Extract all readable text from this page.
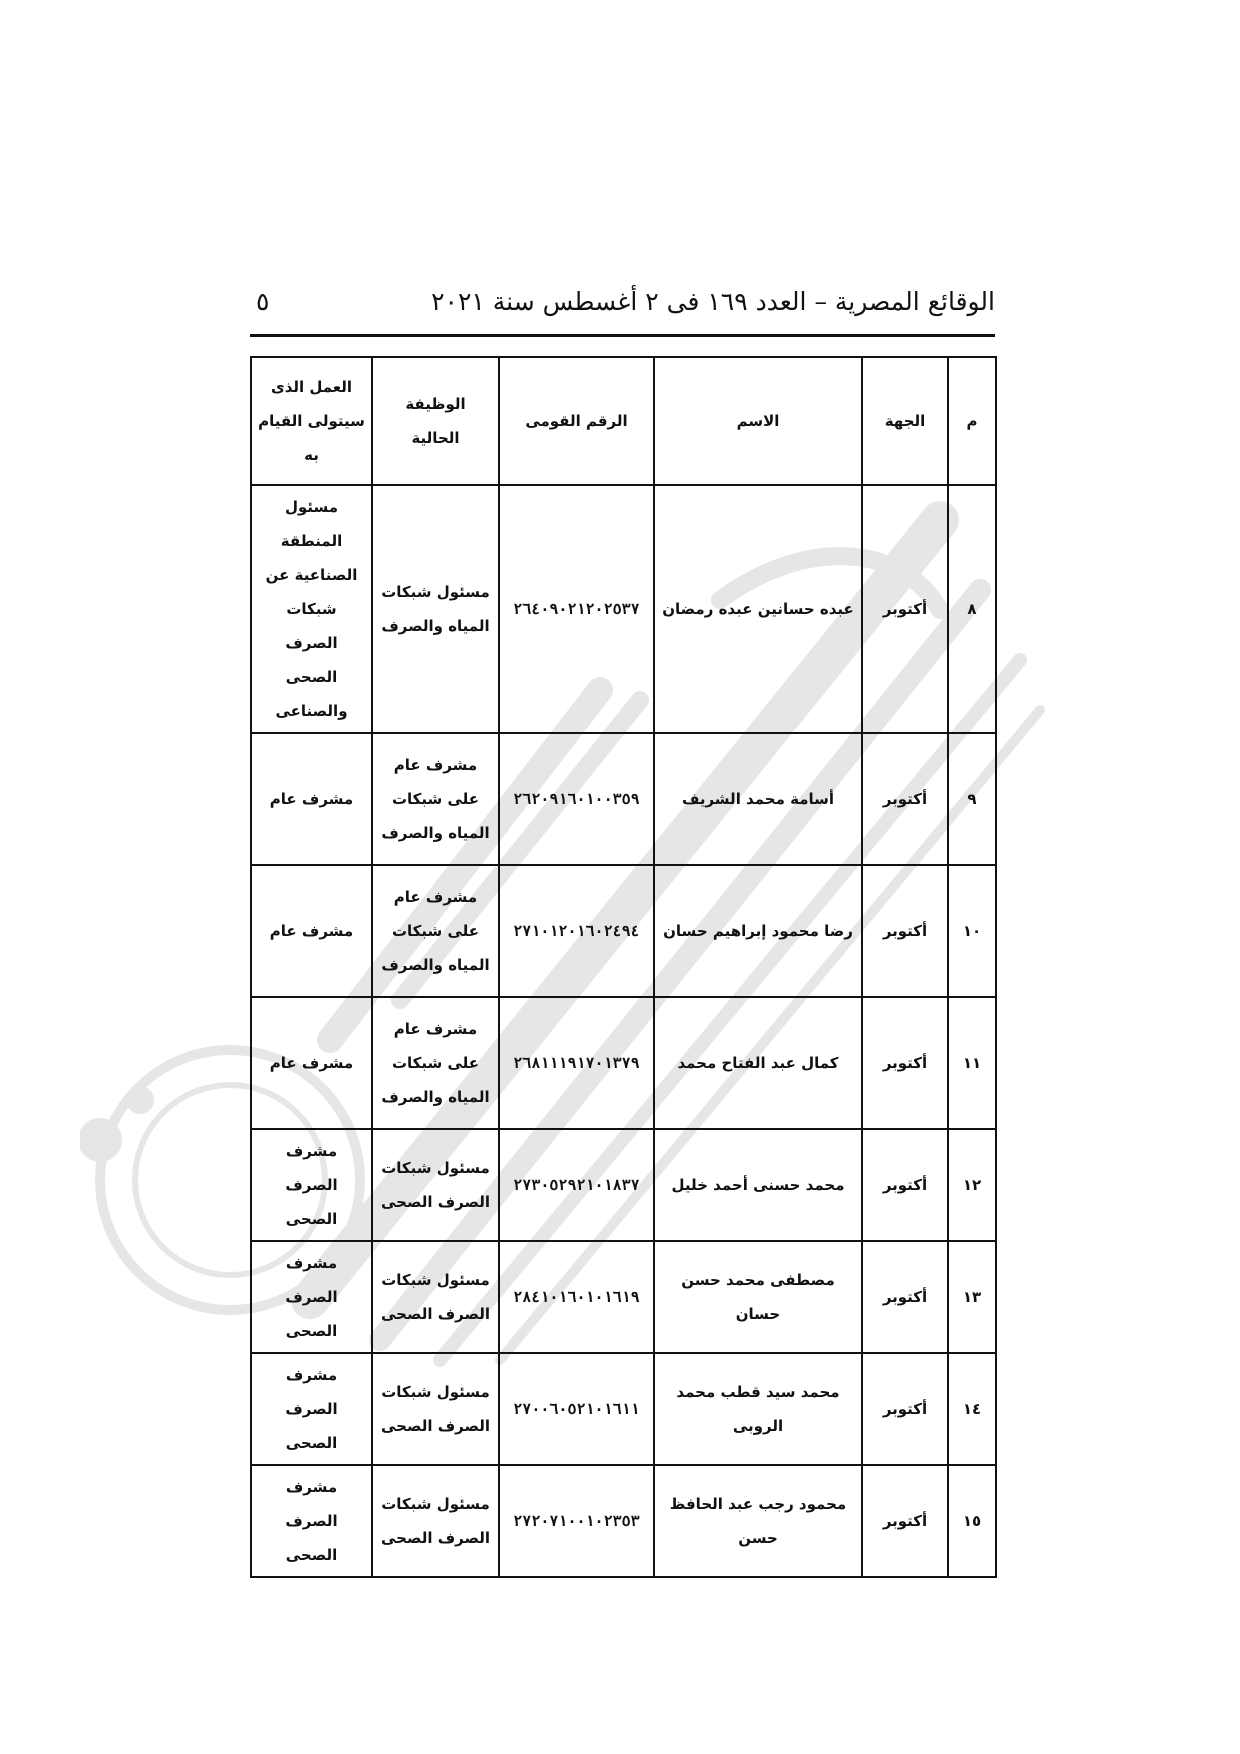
الوقائع المصرية – العدد ١٦٩ فى ٢ أغسطس سنة ٢٠٢١
٥
م	الجهة	الاسم	الرقم القومى	الوظيفة الحالية	العمل الذى سيتولى القيام به
٨	أكتوبر	عبده حسانين عبده رمضان	٢٦٤٠٩٠٢١٢٠٢٥٣٧	مسئول شبكات المياه والصرف	مسئول المنطقة الصناعية عن شبكات الصرف الصحى والصناعى
٩	أكتوبر	أسامة محمد الشريف	٢٦٢٠٩١٦٠١٠٠٣٥٩	مشرف عام على شبكات المياه والصرف	مشرف عام
١٠	أكتوبر	رضا محمود إبراهيم حسان	٢٧١٠١٢٠١٦٠٢٤٩٤	مشرف عام على شبكات المياه والصرف	مشرف عام
١١	أكتوبر	كمال عبد الفتاح محمد	٢٦٨١١١٩١٧٠١٣٧٩	مشرف عام على شبكات المياه والصرف	مشرف عام
١٢	أكتوبر	محمد حسنى أحمد خليل	٢٧٣٠٥٢٩٢١٠١٨٣٧	مسئول شبكات الصرف الصحى	مشرف الصرف الصحى
١٣	أكتوبر	مصطفى محمد حسن حسان	٢٨٤١٠١٦٠١٠١٦١٩	مسئول شبكات الصرف الصحى	مشرف الصرف الصحى
١٤	أكتوبر	محمد سيد قطب محمد الروبى	٢٧٠٠٦٠٥٢١٠١٦١١	مسئول شبكات الصرف الصحى	مشرف الصرف الصحى
١٥	أكتوبر	محمود رجب عبد الحافظ حسن	٢٧٢٠٧١٠٠١٠٢٣٥٣	مسئول شبكات الصرف الصحى	مشرف الصرف الصحى
